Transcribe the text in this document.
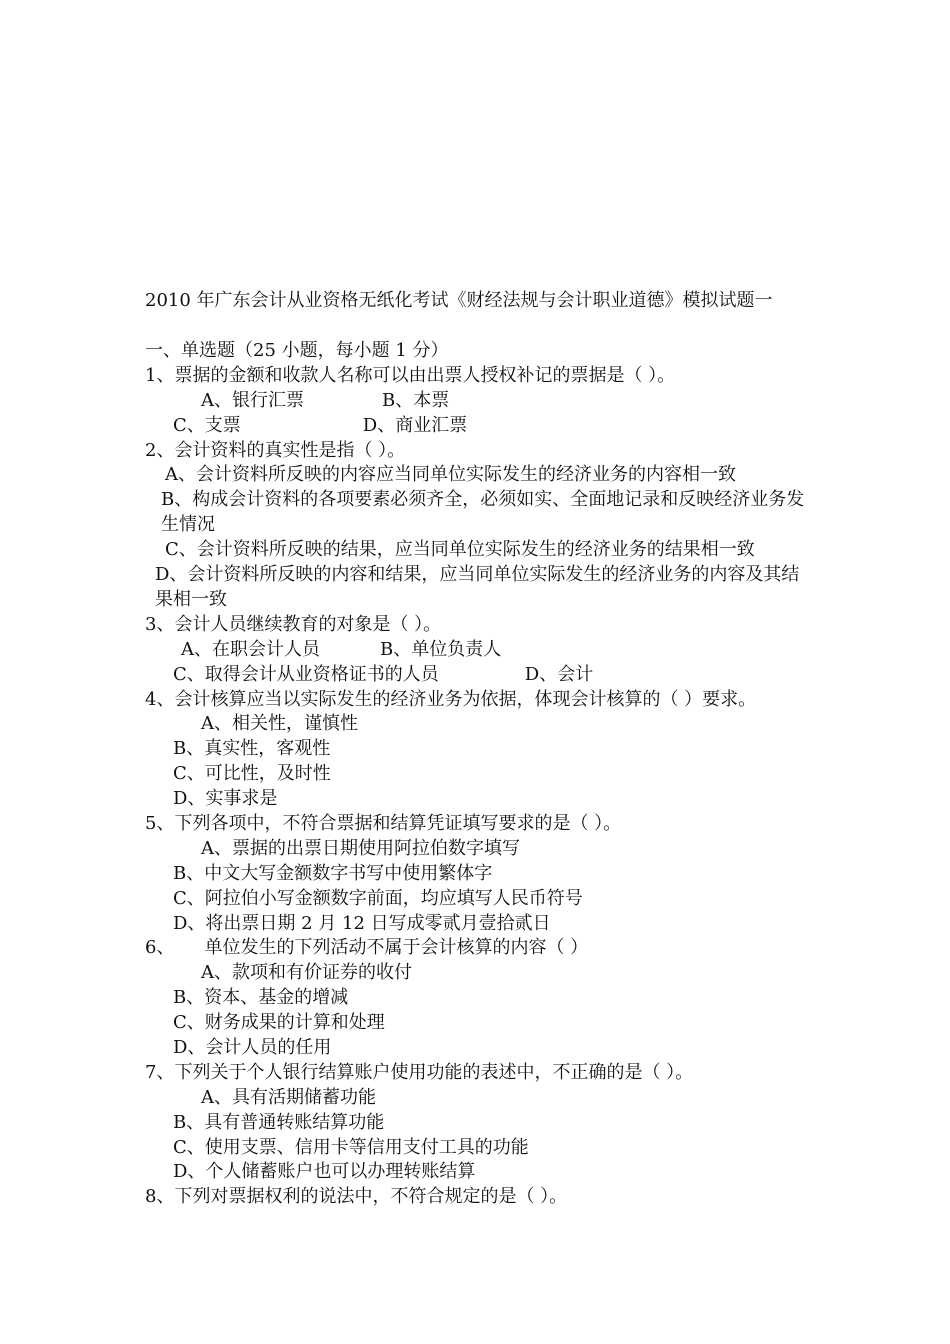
2010 年广东会计从业资格无纸化考试《财经法规与会计职业道德》模拟试题一
一、单选题（25 小题，每小题 1 分）
1、票据的金额和收款人名称可以由出票人授权补记的票据是（ ）。
A、银行汇票	B、本票
C、支票	D、商业汇票
2、会计资料的真实性是指（ ）。
A、会计资料所反映的内容应当同单位实际发生的经济业务的内容相一致
B、构成会计资料的各项要素必须齐全，必须如实、全面地记录和反映经济业务发生情况
C、会计资料所反映的结果，应当同单位实际发生的经济业务的结果相一致
D、会计资料所反映的内容和结果，应当同单位实际发生的经济业务的内容及其结果相一致
3、会计人员继续教育的对象是（ ）。
A、在职会计人员	B、单位负责人
C、取得会计从业资格证书的人员	D、会计
4、会计核算应当以实际发生的经济业务为依据，体现会计核算的（ ）要求。
A、相关性，谨慎性
B、真实性，客观性
C、可比性，及时性
D、实事求是
5、下列各项中，不符合票据和结算凭证填写要求的是（ ）。
A、票据的出票日期使用阿拉伯数字填写
B、中文大写金额数字书写中使用繁体字
C、阿拉伯小写金额数字前面，均应填写人民币符号
D、将出票日期 2 月 12 日写成零贰月壹拾贰日
6、 单位发生的下列活动不属于会计核算的内容（ ）
A、款项和有价证券的收付
B、资本、基金的增减
C、财务成果的计算和处理
D、会计人员的任用
7、下列关于个人银行结算账户使用功能的表述中，不正确的是（ ）。
A、具有活期储蓄功能
B、具有普通转账结算功能
C、使用支票、信用卡等信用支付工具的功能
D、个人储蓄账户也可以办理转账结算
8、下列对票据权利的说法中，不符合规定的是（ ）。
